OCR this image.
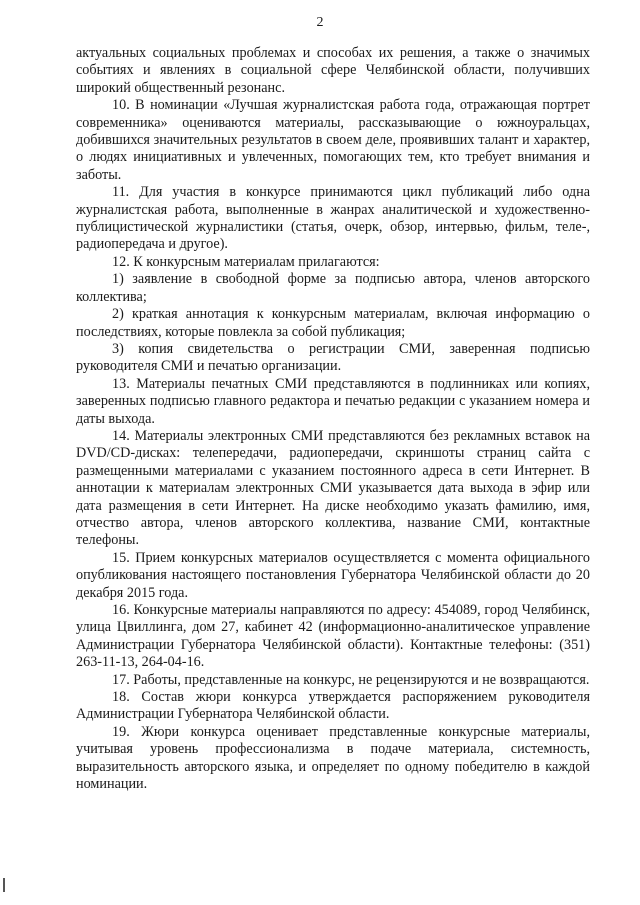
2

актуальных социальных проблемах и способах их решения, а также о значимых событиях и явлениях в социальной сфере Челябинской области, получивших широкий общественный резонанс.

10. В номинации «Лучшая журналистская работа года, отражающая портрет современника» оцениваются материалы, рассказывающие о южноуральцах, добившихся значительных результатов в своем деле, проявивших талант и характер, о людях инициативных и увлеченных, помогающих тем, кто требует внимания и заботы.

11. Для участия в конкурсе принимаются цикл публикаций либо одна журналистская работа, выполненные в жанрах аналитической и художественно-публицистической журналистики (статья, очерк, обзор, интервью, фильм, теле-, радиопередача и другое).

12. К конкурсным материалам прилагаются:

1) заявление в свободной форме за подписью автора, членов авторского коллектива;

2) краткая аннотация к конкурсным материалам, включая информацию о последствиях, которые повлекла за собой публикация;

3) копия свидетельства о регистрации СМИ, заверенная подписью руководителя СМИ и печатью организации.

13. Материалы печатных СМИ представляются в подлинниках или копиях, заверенных подписью главного редактора и печатью редакции с указанием номера и даты выхода.

14. Материалы электронных СМИ представляются без рекламных вставок на DVD/CD-дисках: телепередачи, радиопередачи, скриншоты страниц сайта с размещенными материалами с указанием постоянного адреса в сети Интернет. В аннотации к материалам электронных СМИ указывается дата выхода в эфир или дата размещения в сети Интернет. На диске необходимо указать фамилию, имя, отчество автора, членов авторского коллектива, название СМИ, контактные телефоны.

15. Прием конкурсных материалов осуществляется с момента официального опубликования настоящего постановления Губернатора Челябинской области до 20 декабря 2015 года.

16. Конкурсные материалы направляются по адресу: 454089, город Челябинск, улица Цвиллинга, дом 27, кабинет 42 (информационно-аналитическое управление Администрации Губернатора Челябинской области). Контактные телефоны: (351) 263-11-13, 264-04-16.

17. Работы, представленные на конкурс, не рецензируются и не возвращаются.

18. Состав жюри конкурса утверждается распоряжением руководителя Администрации Губернатора Челябинской области.

19. Жюри конкурса оценивает представленные конкурсные материалы, учитывая уровень профессионализма в подаче материала, системность, выразительность авторского языка, и определяет по одному победителю в каждой номинации.
